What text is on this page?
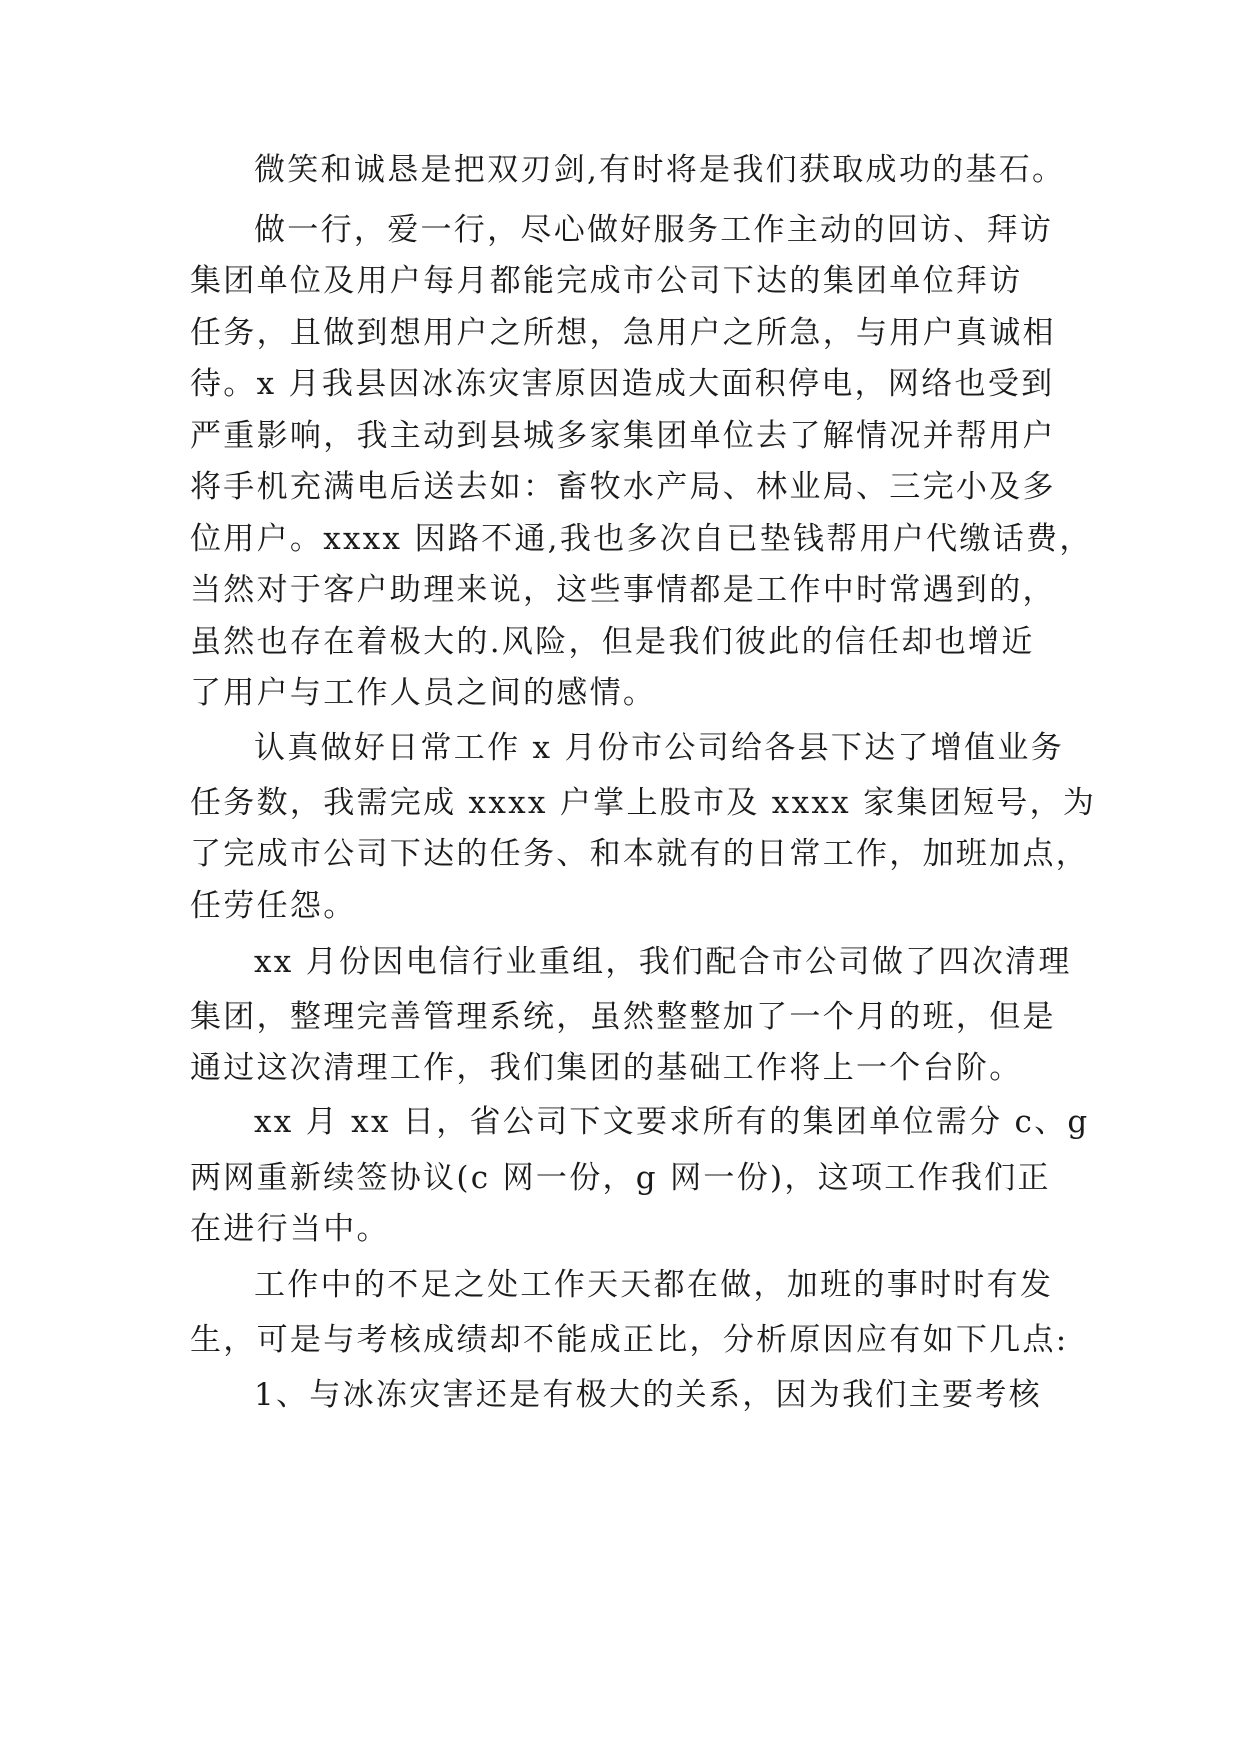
微笑和诚恳是把双刃剑,有时将是我们获取成功的基石。
做一行，爱一行，尽心做好服务工作主动的回访、拜访
集团单位及用户每月都能完成市公司下达的集团单位拜访
任务，且做到想用户之所想，急用户之所急，与用户真诚相
待。x 月我县因冰冻灾害原因造成大面积停电，网络也受到
严重影响，我主动到县城多家集团单位去了解情况并帮用户
将手机充满电后送去如：畜牧水产局、林业局、三完小及多
位用户。xxxx 因路不通,我也多次自已垫钱帮用户代缴话费，
当然对于客户助理来说，这些事情都是工作中时常遇到的，
虽然也存在着极大的.风险，但是我们彼此的信任却也增近
了用户与工作人员之间的感情。
认真做好日常工作 x 月份市公司给各县下达了增值业务
任务数，我需完成 xxxx 户掌上股市及 xxxx 家集团短号，为
了完成市公司下达的任务、和本就有的日常工作，加班加点，
任劳任怨。
xx 月份因电信行业重组，我们配合市公司做了四次清理
集团，整理完善管理系统，虽然整整加了一个月的班，但是
通过这次清理工作，我们集团的基础工作将上一个台阶。
xx 月 xx 日，省公司下文要求所有的集团单位需分 c、g
两网重新续签协议(c 网一份，g 网一份)，这项工作我们正
在进行当中。
工作中的不足之处工作天天都在做，加班的事时时有发
生，可是与考核成绩却不能成正比，分析原因应有如下几点:
1、与冰冻灾害还是有极大的关系，因为我们主要考核
